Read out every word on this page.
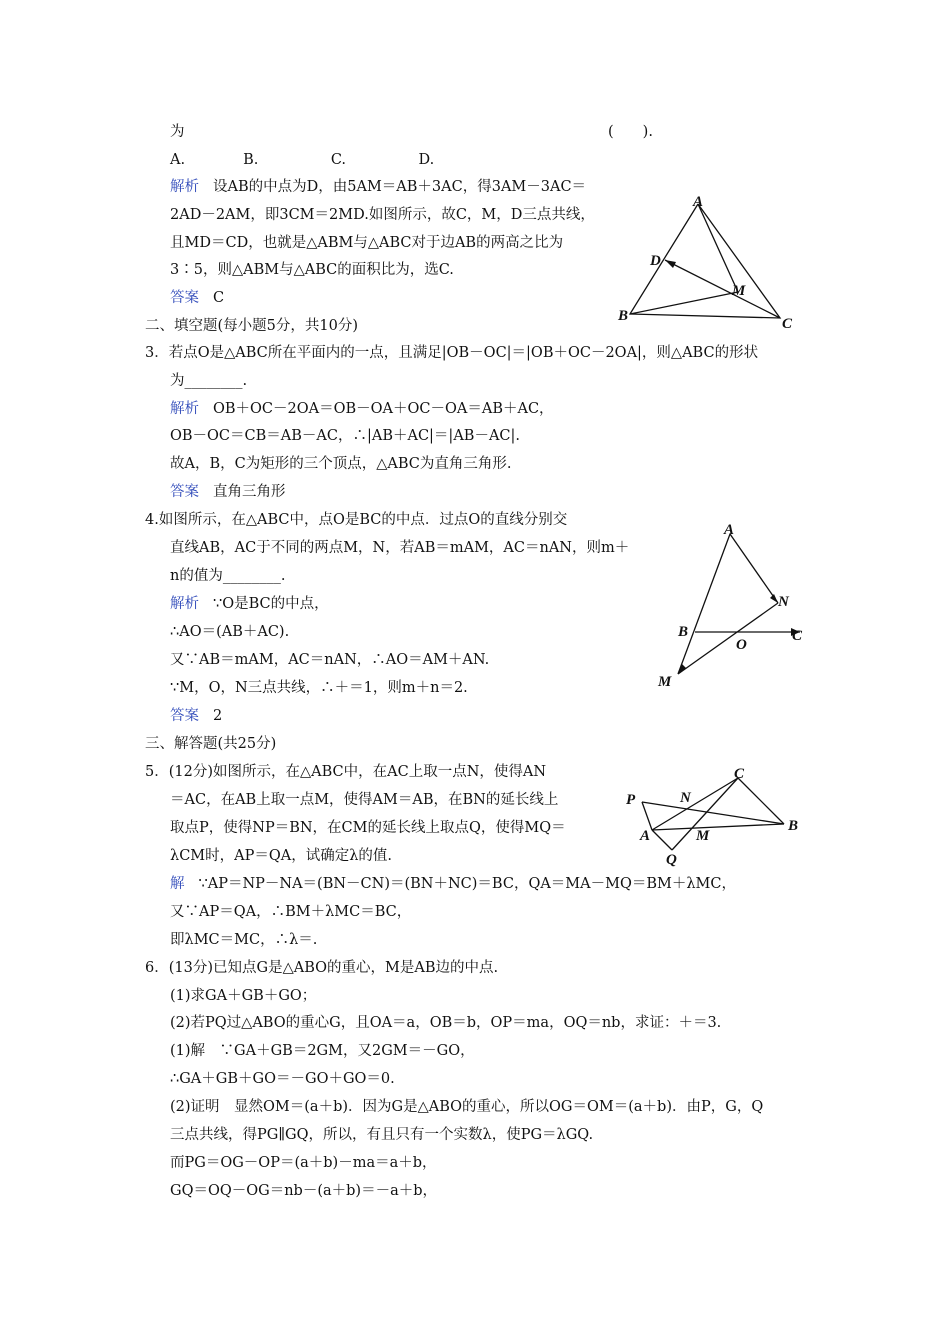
为	(　　).
A.　　　　B.　　　　　C.　　　　　D.
解析 设AB的中点为D，由5AM＝AB＋3AC，得3AM－3AC＝
2AD－2AM，即3CM＝2MD.如图所示，故C，M，D三点共线，
且MD＝CD，也就是△ABM与△ABC对于边AB的两高之比为
3∶5，则△ABM与△ABC的面积比为，选C.
答案 C
二、填空题(每小题5分，共10分)
3．若点O是△ABC所在平面内的一点，且满足|OB－OC|＝|OB＋OC－2OA|，则△ABC的形状
为________.
解析 OB＋OC－2OA＝OB－OA＋OC－OA＝AB＋AC，
OB－OC＝CB＝AB－AC，∴|AB＋AC|＝|AB－AC|.
故A，B，C为矩形的三个顶点，△ABC为直角三角形.
答案 直角三角形
4.如图所示，在△ABC中，点O是BC的中点．过点O的直线分别交
直线AB，AC于不同的两点M，N，若AB＝mAM，AC＝nAN，则m＋
n的值为________.
解析 ∵O是BC的中点，
∴AO＝(AB＋AC).
又∵AB＝mAM，AC＝nAN，∴AO＝AM＋AN.
∵M，O，N三点共线，∴＋＝1，则m＋n＝2.
答案 2
三、解答题(共25分)
5．(12分)如图所示，在△ABC中，在AC上取一点N，使得AN
＝AC，在AB上取一点M，使得AM＝AB，在BN的延长线上
取点P，使得NP＝BN，在CM的延长线上取点Q，使得MQ＝
λCM时，AP＝QA，试确定λ的值.
解 ∵AP＝NP－NA＝(BN－CN)＝(BN＋NC)＝BC，QA＝MA－MQ＝BM＋λMC，
又∵AP＝QA，∴BM＋λMC＝BC，
即λMC＝MC，∴λ＝.
6．(13分)已知点G是△ABO的重心，M是AB边的中点.
(1)求GA＋GB＋GO；
(2)若PQ过△ABO的重心G，且OA＝a，OB＝b，OP＝ma，OQ＝nb，求证：＋＝3.
(1)解　∵GA＋GB＝2GM，又2GM＝－GO，
∴GA＋GB＋GO＝－GO＋GO＝0.
(2)证明　显然OM＝(a＋b)．因为G是△ABO的重心，所以OG＝OM＝(a＋b)．由P，G，Q
三点共线，得PG∥GQ，所以，有且只有一个实数λ，使PG＝λGQ.
而PG＝OG－OP＝(a＋b)－ma＝a＋b，
GQ＝OQ－OG＝nb－(a＋b)＝－a＋b，
A
B	C
D
M
A
N
B	C
O
M
P	N
C
B
A	M
Q
